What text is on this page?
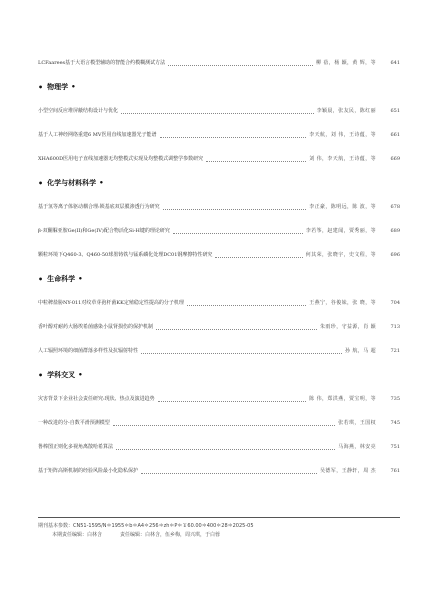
LCFaarees基于大语言模型辅助的智能合约模糊测试方法	柳 蓓，杨 颖，黄 辉，等	641
• 物理学 •
小型空间反应堆屏蔽结构设计与优化	李颖晨，张友民，陈红丽	651
基于人工神经网络重建6 MV医用直线加速器光子能谱	李天航，刘 伟，王诗蕴，等	661
XHA600D医用电子直线加速器无均整模式实现及均整模式调整学参数研究	刘 伟，李天航，王诗蕴，等	669
• 化学与材料科学 •
基于氢等离子体驱动耦合理:锁基底双层膜渗透行为研究	李正豪，陈明远，陈 波，等	678
β-双酮脲亚胺Ge(II)和Ge(IV)配合物活化Si-H键的理论研究	李若筝，赵建闻，贾秀丽，等	689
颗粒环境下Q460-3、Q460-50球墨铸铁与锰系磷化处理DC01钢摩擦特性研究	何其荣，张晓宇，史文程，等	696
• 生命科学 •
中粒稗盐胁NY-011对纹草芽孢杆菌KK定殖稳定性提高的分子机理	王燕宁，谷俊妹，张 晓，等	704
香叶醇对耐药大肠埃希菌感染小鼠肾损伤的保护机制	朱雨珍，守益源，肖 颖	713
人工辐照环境的细菌群落多样性及抗辐射特性	孙 航，马 超	721
• 学科交叉 •
灾害背景下企业社会责任研究:现状、热点及演进趋势	陈 伟，郑洪燕，贾宝明，等	735
一种改进的分-自数平滑预测模型	张若琪，王国权	745
鲁棒图正则化多视角离散哈希算法	马海燕，林安亮	751
基于矩阵高斯机制的经验风险最小化隐私保护	吴德军，王静轩，周 杰	761
期刊基本参数：CN51-1595/N＊1955＊b＊A4＊256＊zh＊P＊￥60.00＊400＊28＊2025-05
本期责任编辑：白林含	责任编辑：白林含，伍乡梅，周兴琪，于白蓉
